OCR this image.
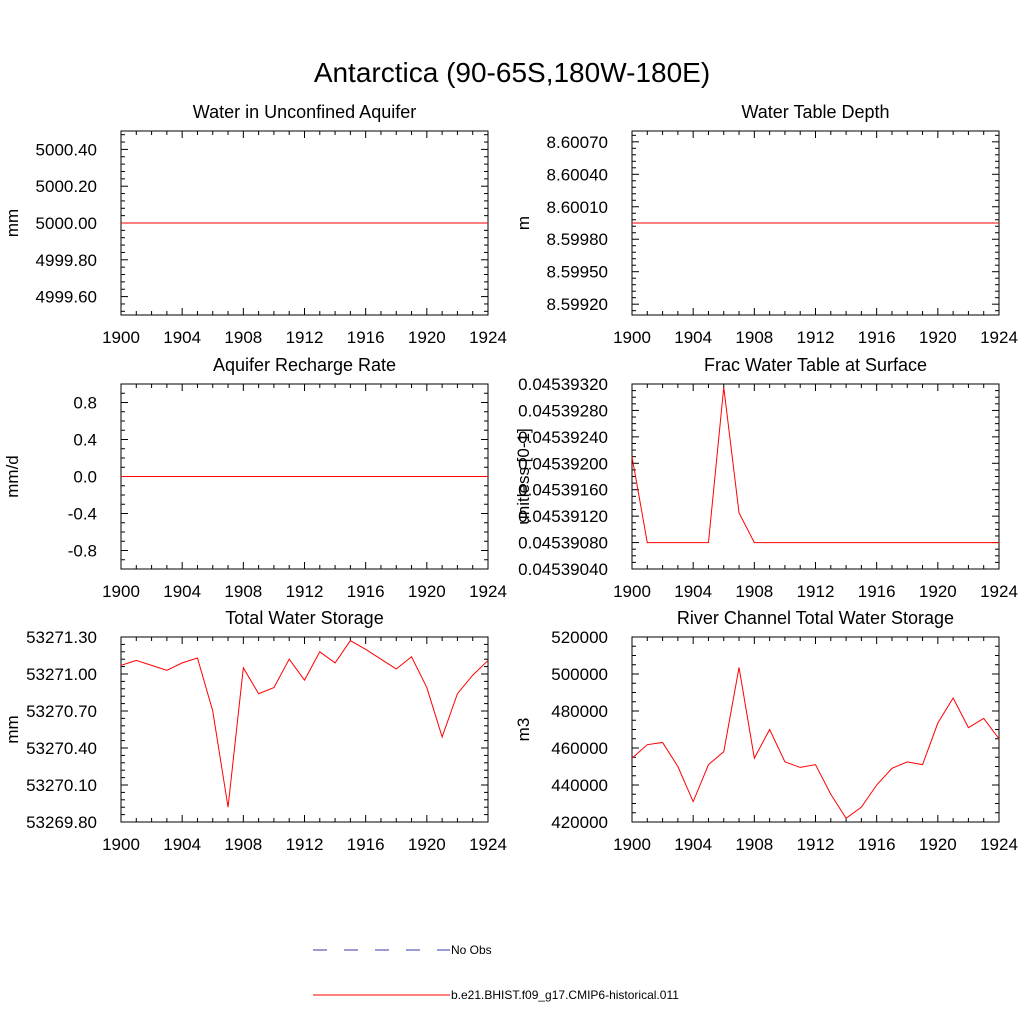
Antarctica (90-65S,180W-180E)
Water in Unconfined Aquifer
mm
1900 1904 1908 1912 1916 1920 1924
4999.60
4999.80
5000.00
5000.20
5000.40
Water Table Depth
m
1900 1904 1908 1912 1916 1920 1924
8.59920
8.59950
8.59980
8.60010
8.60040
8.60070
Aquifer Recharge Rate
mm/d
1900 1904 1908 1912 1916 1920 1924
-0.8
-0.4
0.0
0.4
0.8
Frac Water Table at Surface
unitless [0-1]
1900 1904 1908 1912 1916 1920 1924
0.04539040
0.04539080
0.04539120
0.04539160
0.04539200
0.04539240
0.04539280
0.04539320
Total Water Storage
mm
1900 1904 1908 1912 1916 1920 1924
53269.80
53270.10
53270.40
53270.70
53271.00
53271.30
River Channel Total Water Storage
m3
1900 1904 1908 1912 1916 1920 1924
420000
440000
460000
480000
500000
520000
No Obs
b.e21.BHIST.f09_g17.CMIP6-historical.011
